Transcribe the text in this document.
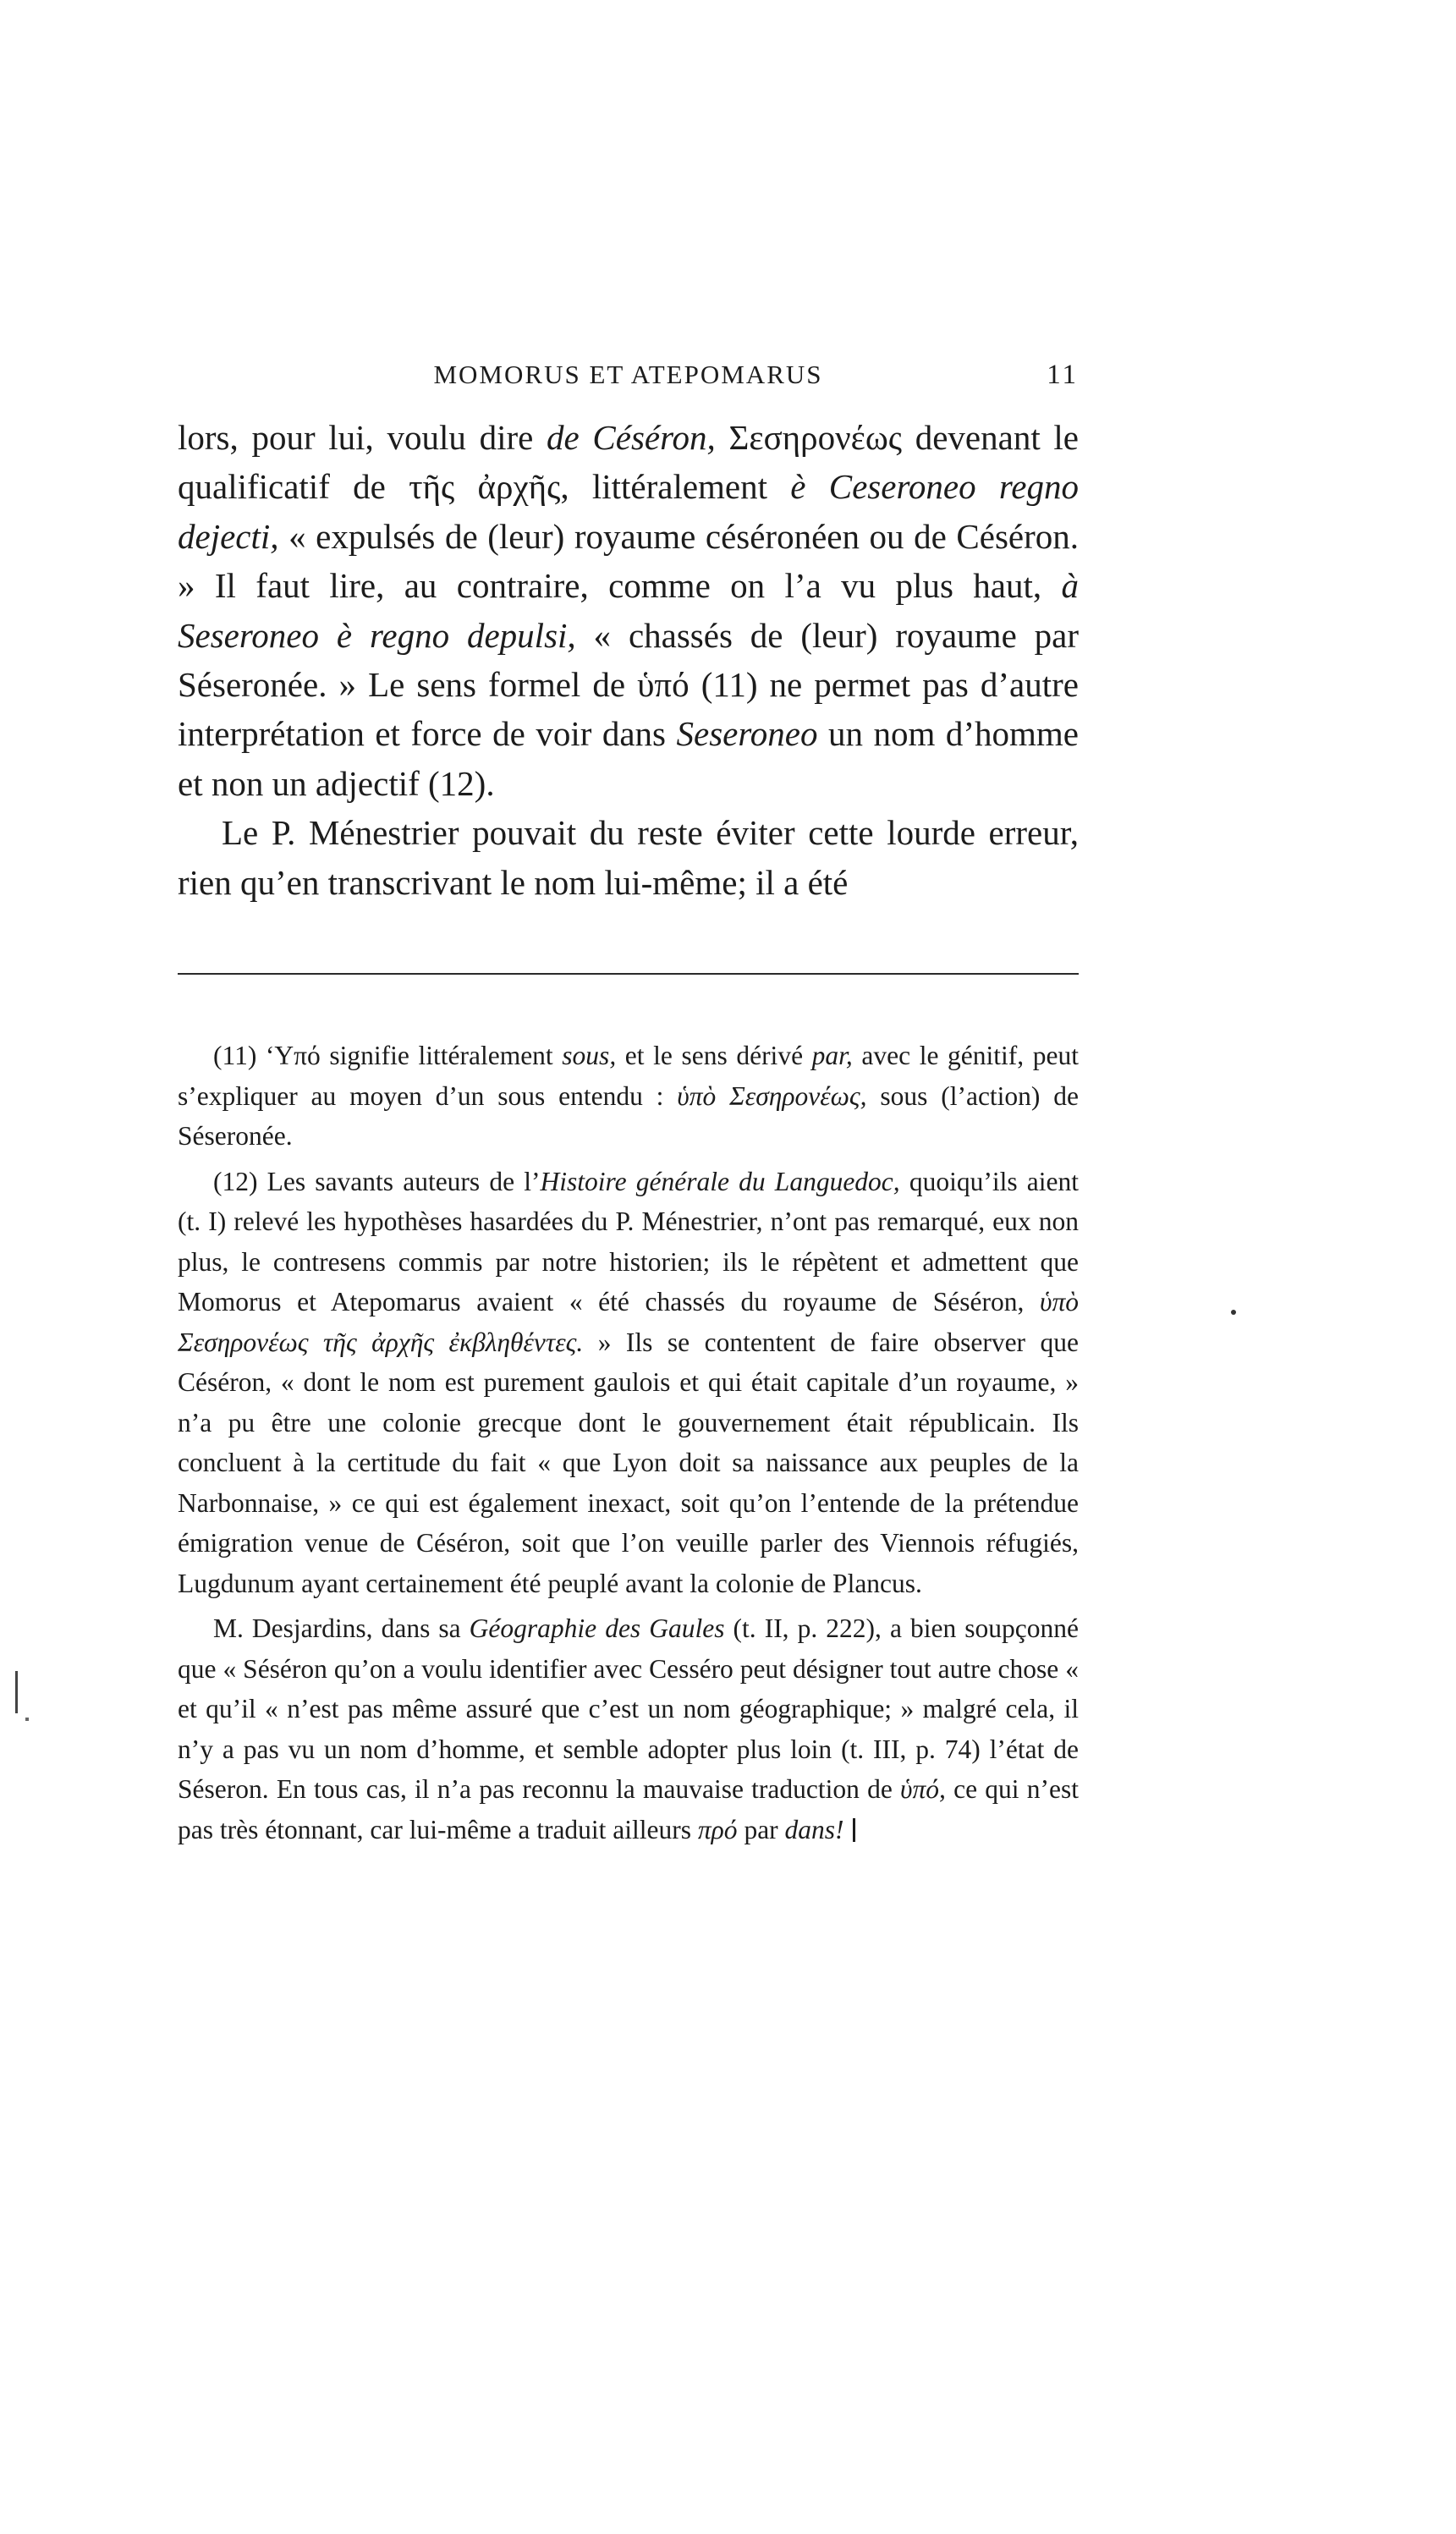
MOMORUS ET ATEPOMARUS	11

lors, pour lui, voulu dire de Céséron, Σεσηρονέως devenant le qualificatif de τῆς ἀρχῆς, littéralement è Ceseroneo regno dejecti, « expulsés de (leur) royaume céséronéen ou de Céséron. » Il faut lire, au contraire, comme on l’a vu plus haut, à Seseroneo è regno depulsi, « chassés de (leur) royaume par Séseronée. » Le sens formel de ὑπό (11) ne permet pas d’autre interprétation et force de voir dans Seseroneo un nom d’homme et non un adjectif (12).

Le P. Ménestrier pouvait du reste éviter cette lourde erreur, rien qu’en transcrivant le nom lui-même; il a été

(11) ‘Υπό signifie littéralement sous, et le sens dérivé par, avec le génitif, peut s’expliquer au moyen d’un sous entendu : ὑπὸ Σεσηρονέως, sous (l’action) de Séseronée.

(12) Les savants auteurs de l’Histoire générale du Languedoc, quoiqu’ils aient (t. I) relevé les hypothèses hasardées du P. Ménestrier, n’ont pas remarqué, eux non plus, le contresens commis par notre historien; ils le répètent et admettent que Momorus et Atepomarus avaient « été chassés du royaume de Séséron, ὑπὸ Σεσηρονέως τῆς ἀρχῆς ἐκβληθέντες. » Ils se contentent de faire observer que Céséron, « dont le nom est purement gaulois et qui était capitale d’un royaume, » n’a pu être une colonie grecque dont le gouvernement était républicain. Ils concluent à la certitude du fait « que Lyon doit sa naissance aux peuples de la Narbonnaise, » ce qui est également inexact, soit qu’on l’entende de la prétendue émigration venue de Céséron, soit que l’on veuille parler des Viennois réfugiés, Lugdunum ayant certainement été peuplé avant la colonie de Plancus.

M. Desjardins, dans sa Géographie des Gaules (t. II, p. 222), a bien soupçonné que « Séséron qu’on a voulu identifier avec Cesséro peut désigner tout autre chose « et qu’il « n’est pas même assuré que c’est un nom géographique; » malgré cela, il n’y a pas vu un nom d’homme, et semble adopter plus loin (t. III, p. 74) l’état de Séseron. En tous cas, il n’a pas reconnu la mauvaise traduction de ὑπό, ce qui n’est pas très étonnant, car lui-même a traduit ailleurs πρό par dans!
